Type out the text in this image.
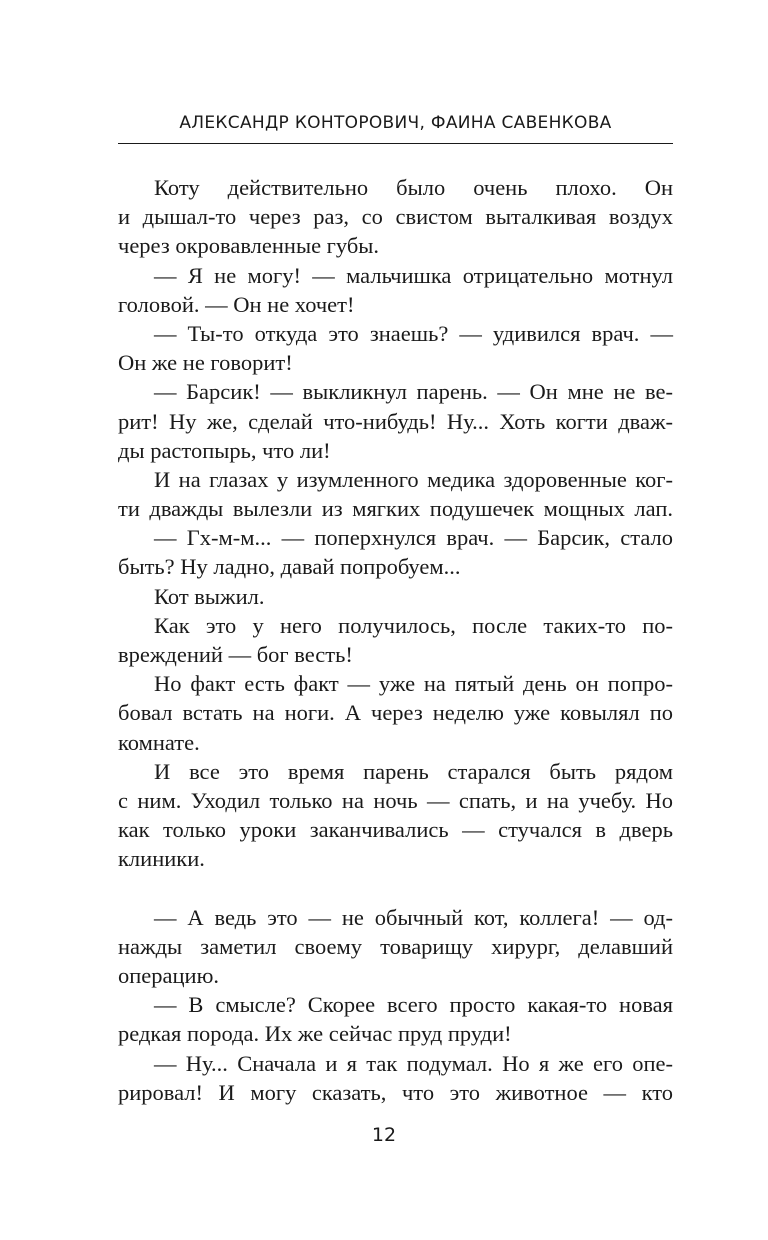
АЛЕКСАНДР КОНТОРОВИЧ, ФАИНА САВЕНКОВА
Коту действительно было очень плохо. Он
и дышал-то через раз, со свистом выталкивая воздух
через окровавленные губы.
— Я не могу! — мальчишка отрицательно мотнул
головой. — Он не хочет!
— Ты-то откуда это знаешь? — удивился врач. —
Он же не говорит!
— Барсик! — выкликнул парень. — Он мне не ве-
рит! Ну же, сделай что-нибудь! Ну... Хоть когти дваж-
ды растопырь, что ли!
И на глазах у изумленного медика здоровенные ког-
ти дважды вылезли из мягких подушечек мощных лап.
— Гх-м-м... — поперхнулся врач. — Барсик, стало
быть? Ну ладно, давай попробуем...
Кот выжил.
Как это у него получилось, после таких-то по-
вреждений — бог весть!
Но факт есть факт — уже на пятый день он попро-
бовал встать на ноги. А через неделю уже ковылял по
комнате.
И все это время парень старался быть рядом
с ним. Уходил только на ночь — спать, и на учебу. Но
как только уроки заканчивались — стучался в дверь
клиники.
— А ведь это — не обычный кот, коллега! — од-
нажды заметил своему товарищу хирург, делавший
операцию.
— В смысле? Скорее всего просто какая-то новая
редкая порода. Их же сейчас пруд пруди!
— Ну... Сначала и я так подумал. Но я же его опе-
рировал! И могу сказать, что это животное — кто
12
